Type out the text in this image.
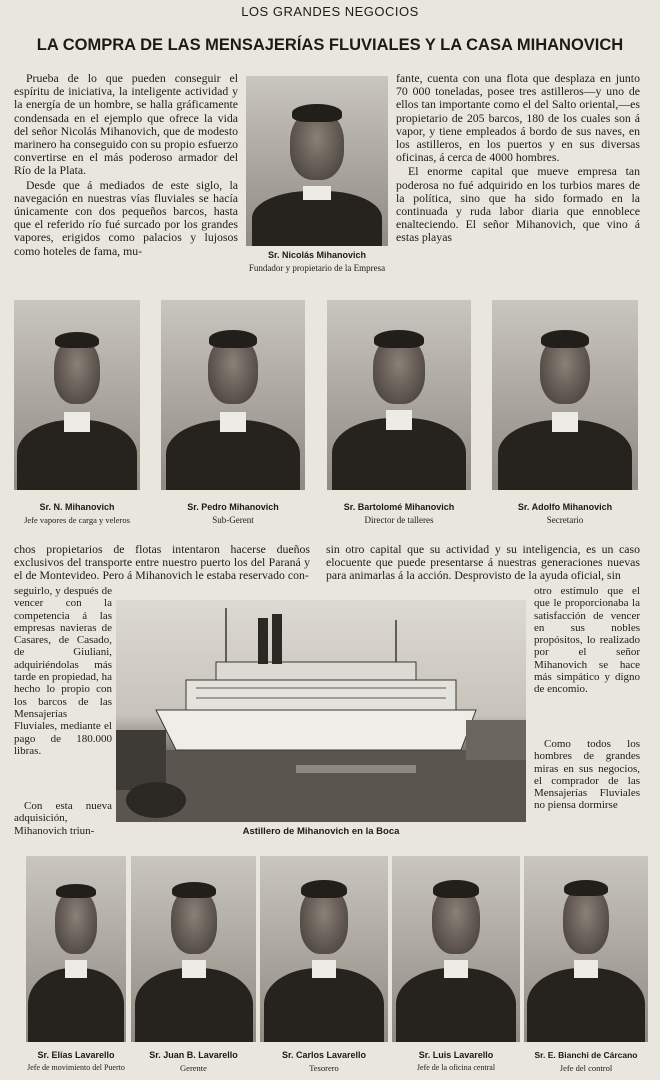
LOS GRANDES NEGOCIOS
LA COMPRA DE LAS MENSAJERÍAS FLUVIALES Y LA CASA MIHANOVICH

Prueba de lo que pueden conseguir el espíritu de iniciativa, la inteligente actividad y la energía de un hombre, se halla gráficamente condensada en el ejemplo que ofrece la vida del señor Nicolás Mihanovich, que de modesto marinero ha conseguido con su propio esfuerzo convertirse en el más poderoso armador del Río de la Plata.

Desde que á mediados de este siglo, la navegación en nuestras vías fluviales se hacía únicamente con dos pequeños barcos, hasta que el referido río fué surcado por los grandes vapores, erigidos como palacios y lujosos como hoteles de fama, mu-	Sr. Nicolás Mihanovich
Fundador y propietario de la Empresa

fante, cuenta con una flota que desplaza en junto 70 000 toneladas, posee tres astilleros—y uno de ellos tan importante como el del Salto oriental,—es propietario de 205 barcos, 180 de los cuales son á vapor, y tiene empleados á bordo de sus naves, en los astilleros, en los puertos y en sus diversas oficinas, á cerca de 4000 hombres.

El enorme capital que mueve empresa tan poderosa no fué adquirido en los turbios mares de la política, sino que ha sido formado en la continuada y ruda labor diaria que ennoblece enalteciendo. El señor Mihanovich, que vino á estas playas

Sr. N. Mihanovich
Jefe vapores de carga y veleros
Sr. Pedro Mihanovich
Sub-Gerent
Sr. Bartolomé Mihanovich
Director de talleres
Sr. Adolfo Mihanovich
Secretario
chos propietarios de flotas intentaron hacerse dueños exclusivos del transporte entre nuestro puerto los del Paraná y el de Montevideo. Pero á Mihanovich le estaba reservado con-
sin otro capital que su actividad y su inteligencia, es un caso elocuente que puede presentarse á nuestras generaciones nuevas para animarlas á la acción. Desprovisto de la ayuda oficial, sin
seguirlo, y después de vencer con la competencia á las empresas navieras de Casares, de Casado, de Giuliani, adquiriéndolas más tarde en propiedad, ha hecho lo propio con los barcos de las Mensajerías Fluviales, mediante el pago de 180.000 libras.
Con esta nueva adquisición, Mihanovich triun-
otro estímulo que el que le proporcionaba la satisfacción de vencer en sus nobles propósitos, lo realizado por el señor Mihanovich se hace más simpático y digno de encomio.
Como todos los hombres de grandes miras en sus negocios, el comprador de las Mensajerías Fluviales no piensa dormirse
Astillero de Mihanovich en la Boca
Sr. Elías Lavarello
Jefe de movimiento del Puerto
Sr. Juan B. Lavarello
Gerente
Sr. Carlos Lavarello
Tesorero
Sr. Luis Lavarello
Jefe de la oficina central
Sr. E. Bianchi de Cárcano
Jefe del control
